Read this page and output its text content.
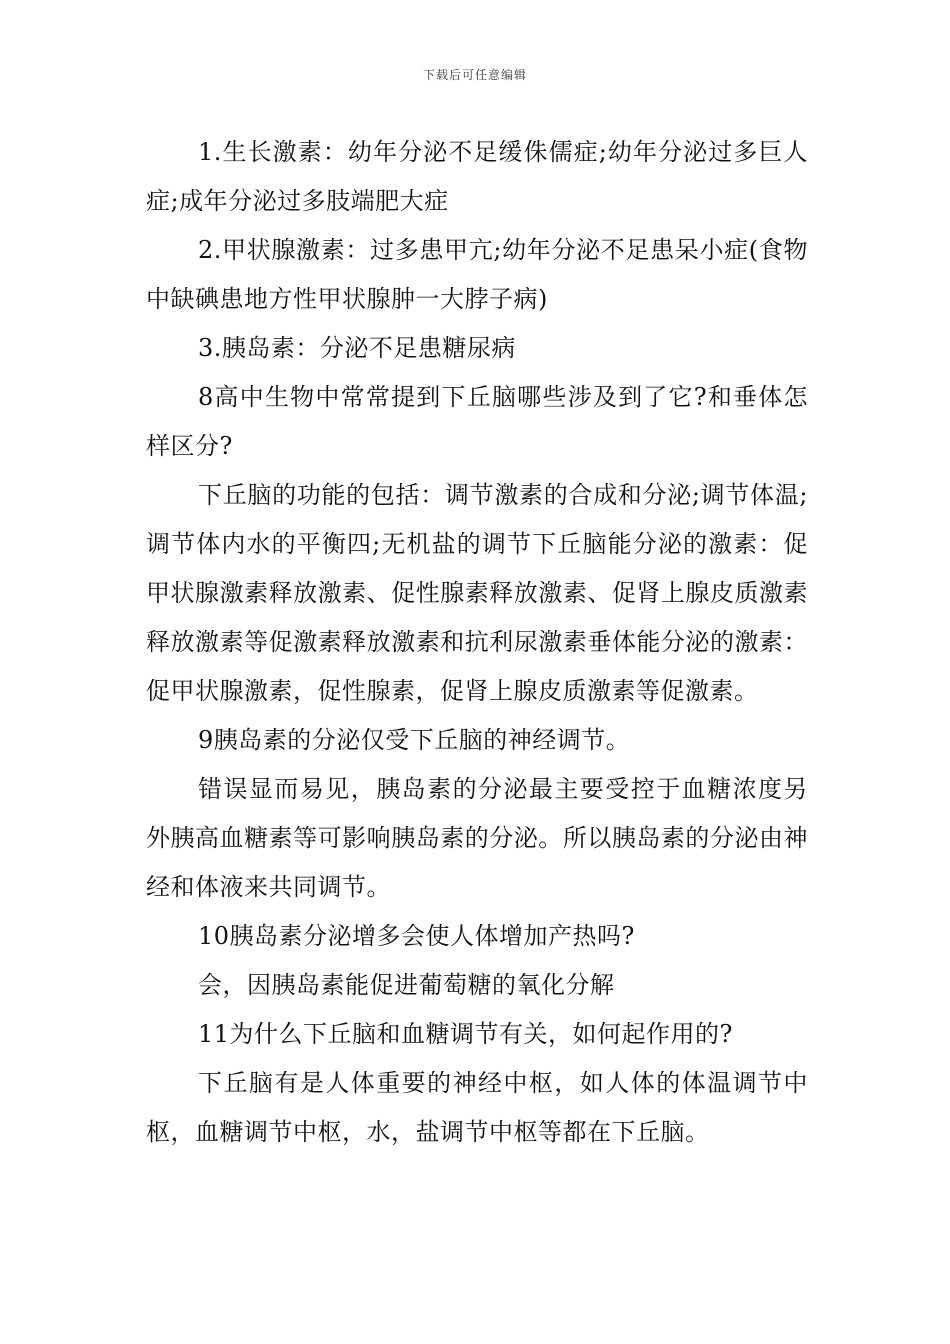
下载后可任意编辑

1.生长激素：幼年分泌不足缓侏儒症;幼年分泌过多巨人症;成年分泌过多肢端肥大症

2.甲状腺激素：过多患甲亢;幼年分泌不足患呆小症(食物中缺碘患地方性甲状腺肿一大脖子病)

3.胰岛素：分泌不足患糖尿病

8高中生物中常常提到下丘脑哪些涉及到了它?和垂体怎样区分?

下丘脑的功能的包括：调节激素的合成和分泌;调节体温;调节体内水的平衡四;无机盐的调节下丘脑能分泌的激素：促甲状腺激素释放激素、促性腺素释放激素、促肾上腺皮质激素释放激素等促激素释放激素和抗利尿激素垂体能分泌的激素：促甲状腺激素，促性腺素，促肾上腺皮质激素等促激素。

9胰岛素的分泌仅受下丘脑的神经调节。

错误显而易见，胰岛素的分泌最主要受控于血糖浓度另外胰高血糖素等可影响胰岛素的分泌。所以胰岛素的分泌由神经和体液来共同调节。

10胰岛素分泌增多会使人体增加产热吗?

会，因胰岛素能促进葡萄糖的氧化分解

11为什么下丘脑和血糖调节有关，如何起作用的?

下丘脑有是人体重要的神经中枢，如人体的体温调节中枢，血糖调节中枢，水，盐调节中枢等都在下丘脑。
